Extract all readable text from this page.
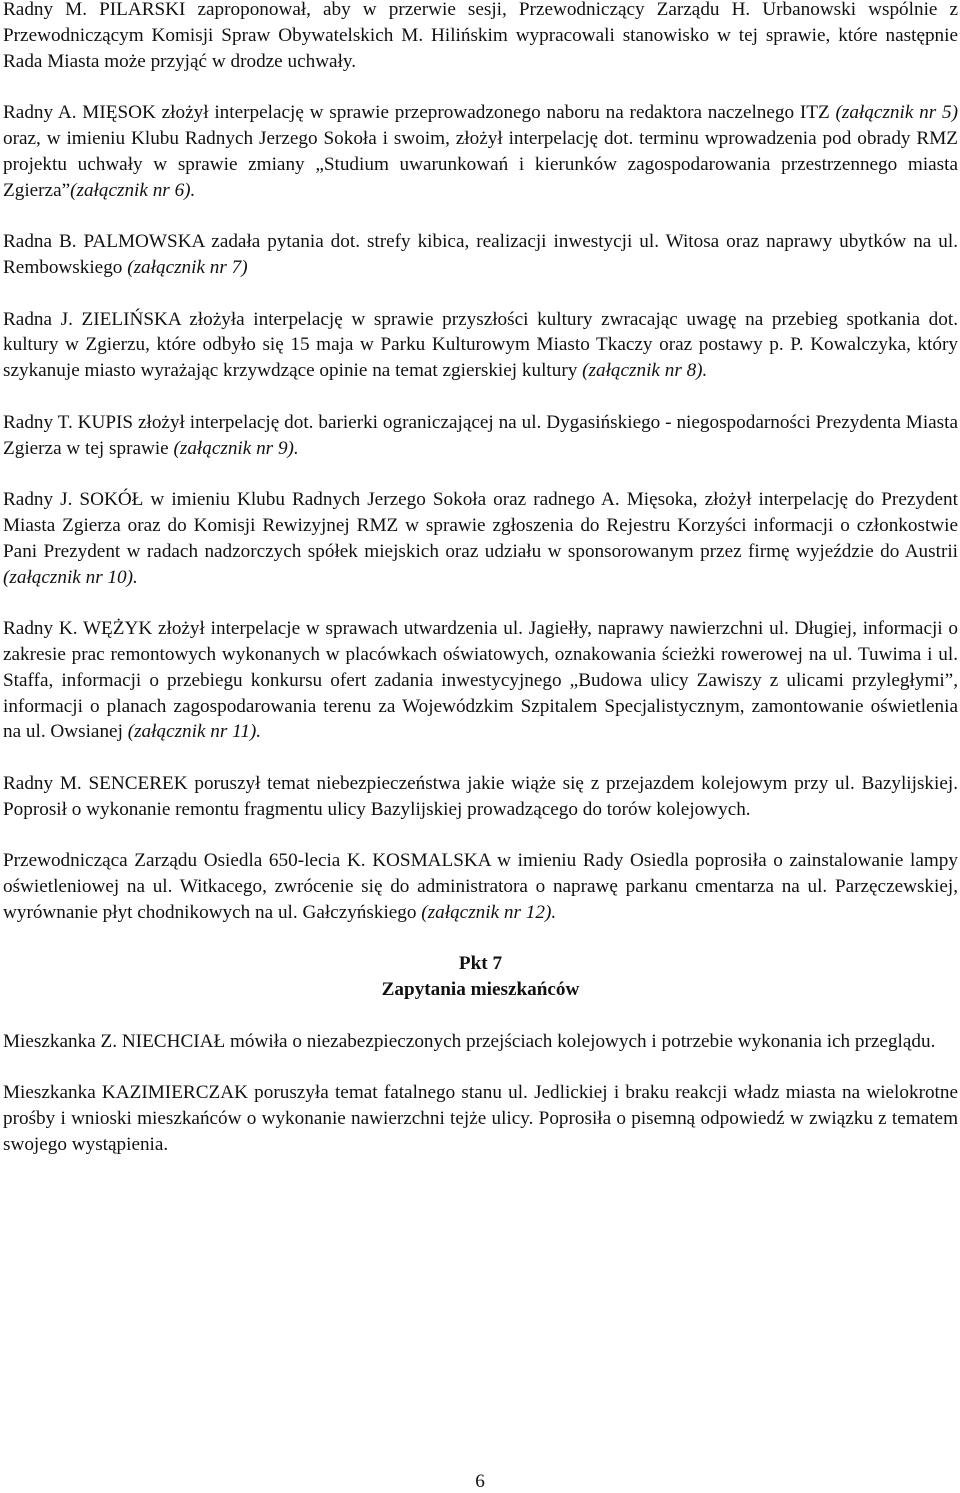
Radny M. PILARSKI zaproponował, aby w przerwie sesji, Przewodniczący Zarządu H. Urbanowski wspólnie z Przewodniczącym Komisji Spraw Obywatelskich M. Hilińskim wypracowali stanowisko w tej sprawie, które następnie Rada Miasta może przyjąć w drodze uchwały.

Radny A. MIĘSOK złożył interpelację w sprawie przeprowadzonego naboru na redaktora naczelnego ITZ (załącznik nr 5) oraz, w imieniu Klubu Radnych Jerzego Sokoła i swoim, złożył interpelację dot. terminu wprowadzenia pod obrady RMZ projektu uchwały w sprawie zmiany „Studium uwarunkowań i kierunków zagospodarowania przestrzennego miasta Zgierza”(załącznik nr 6).

Radna B. PALMOWSKA zadała pytania dot. strefy kibica, realizacji inwestycji ul. Witosa oraz naprawy ubytków na ul. Rembowskiego (załącznik nr 7)

Radna J. ZIELIŃSKA złożyła interpelację w sprawie przyszłości kultury zwracając uwagę na przebieg spotkania dot. kultury w Zgierzu, które odbyło się 15 maja w Parku Kulturowym Miasto Tkaczy oraz postawy p. P. Kowalczyka, który szykanuje miasto wyrażając krzywdzące opinie na temat zgierskiej kultury (załącznik nr 8).

Radny T. KUPIS złożył interpelację dot. barierki ograniczającej na ul. Dygasińskiego - niegospodarności Prezydenta Miasta Zgierza w tej sprawie (załącznik nr 9).

Radny J. SOKÓŁ w imieniu Klubu Radnych Jerzego Sokoła oraz radnego A. Mięsoka, złożył interpelację do Prezydent Miasta Zgierza oraz do Komisji Rewizyjnej RMZ w sprawie zgłoszenia do Rejestru Korzyści informacji o członkostwie Pani Prezydent w radach nadzorczych spółek miejskich oraz udziału w sponsorowanym przez firmę wyjeździe do Austrii (załącznik nr 10).

Radny K. WĘŻYK złożył interpelacje w sprawach utwardzenia ul. Jagiełły, naprawy nawierzchni ul. Długiej, informacji o zakresie prac remontowych wykonanych w placówkach oświatowych, oznakowania ścieżki rowerowej na ul. Tuwima i ul. Staffa, informacji o przebiegu konkursu ofert zadania inwestycyjnego „Budowa ulicy Zawiszy z ulicami przyległymi”, informacji o planach zagospodarowania terenu za Wojewódzkim Szpitalem Specjalistycznym, zamontowanie oświetlenia na ul. Owsianej (załącznik nr 11).

Radny M. SENCEREK poruszył temat niebezpieczeństwa jakie wiąże się z przejazdem kolejowym przy ul. Bazylijskiej. Poprosił o wykonanie remontu fragmentu ulicy Bazylijskiej prowadzącego do torów kolejowych.

Przewodnicząca Zarządu Osiedla 650-lecia K. KOSMALSKA w imieniu Rady Osiedla poprosiła o zainstalowanie lampy oświetleniowej na ul. Witkacego, zwrócenie się do administratora o naprawę parkanu cmentarza na ul. Parzęczewskiej, wyrównanie płyt chodnikowych na ul. Gałczyńskiego (załącznik nr 12).

Pkt 7

Zapytania mieszkańców

Mieszkanka Z. NIECHCIAŁ mówiła o niezabezpieczonych przejściach kolejowych i potrzebie wykonania ich przeglądu.

Mieszkanka KAZIMIERCZAK poruszyła temat fatalnego stanu ul. Jedlickiej i braku reakcji władz miasta na wielokrotne prośby i wnioski mieszkańców o wykonanie nawierzchni tejże ulicy. Poprosiła o pisemną odpowiedź w związku z tematem swojego wystąpienia.

6
